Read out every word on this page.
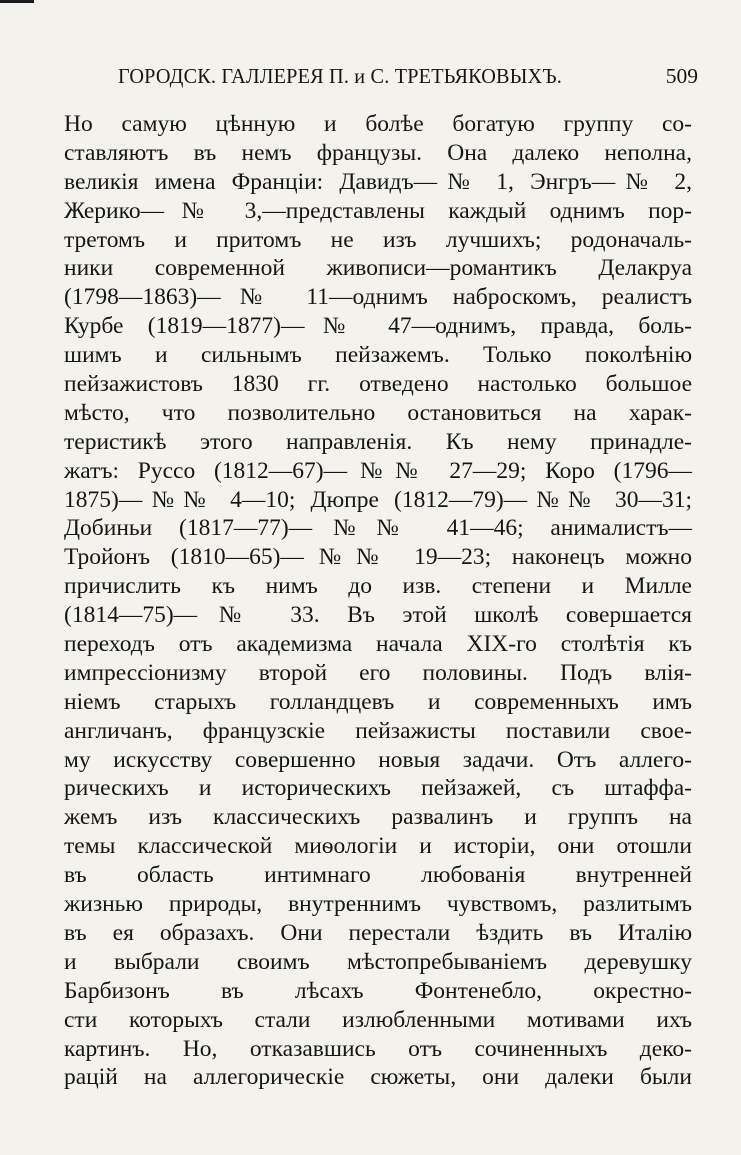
ГОРОДСК. ГАЛЛЕРЕЯ П. и С. ТРЕТЬЯКОВЫХЪ.	509
Но самую цѣнную и болѣе богатую группу со-
ставляютъ въ немъ французы. Она далеко неполна,
великія имена Франціи: Давидъ—№ 1, Энгръ—№ 2,
Жерико—№ 3,—представлены каждый однимъ пор-
третомъ и притомъ не изъ лучшихъ; родоначаль-
ники современной живописи—романтикъ Делакруа
(1798—1863)—№ 11—однимъ наброскомъ, реалистъ
Курбе (1819—1877)—№ 47—однимъ, правда, боль-
шимъ и сильнымъ пейзажемъ. Только поколѣнію
пейзажистовъ 1830 гг. отведено настолько большое
мѣсто, что позволительно остановиться на харак-
теристикѣ этого направленія. Къ нему принадле-
жатъ: Руссо (1812—67)—№№ 27—29; Коро (1796—
1875)—№№ 4—10; Дюпре (1812—79)—№№ 30—31;
Добиньи (1817—77)—№№ 41—46; анималистъ—
Тройонъ (1810—65)—№№ 19—23; наконецъ можно
причислить къ нимъ до изв. степени и Милле
(1814—75)—№ 33. Въ этой школѣ совершается
переходъ отъ академизма начала XIX-го столѣтія къ
импрессіонизму второй его половины. Подъ влія-
ніемъ старыхъ голландцевъ и современныхъ имъ
англичанъ, французскіе пейзажисты поставили свое-
му искусству совершенно новыя задачи. Отъ аллего-
рическихъ и историческихъ пейзажей, съ штаффа-
жемъ изъ классическихъ развалинъ и группъ на
темы классической миѳологіи и исторіи, они отошли
въ область интимнаго любованія внутренней
жизнью природы, внутреннимъ чувствомъ, разлитымъ
въ ея образахъ. Они перестали ѣздить въ Италію
и выбрали своимъ мѣстопребываніемъ деревушку
Барбизонъ въ лѣсахъ Фонтенебло, окрестно-
сти которыхъ стали излюбленными мотивами ихъ
картинъ. Но, отказавшись отъ сочиненныхъ деко-
рацій на аллегорическіе сюжеты, они далеки были
